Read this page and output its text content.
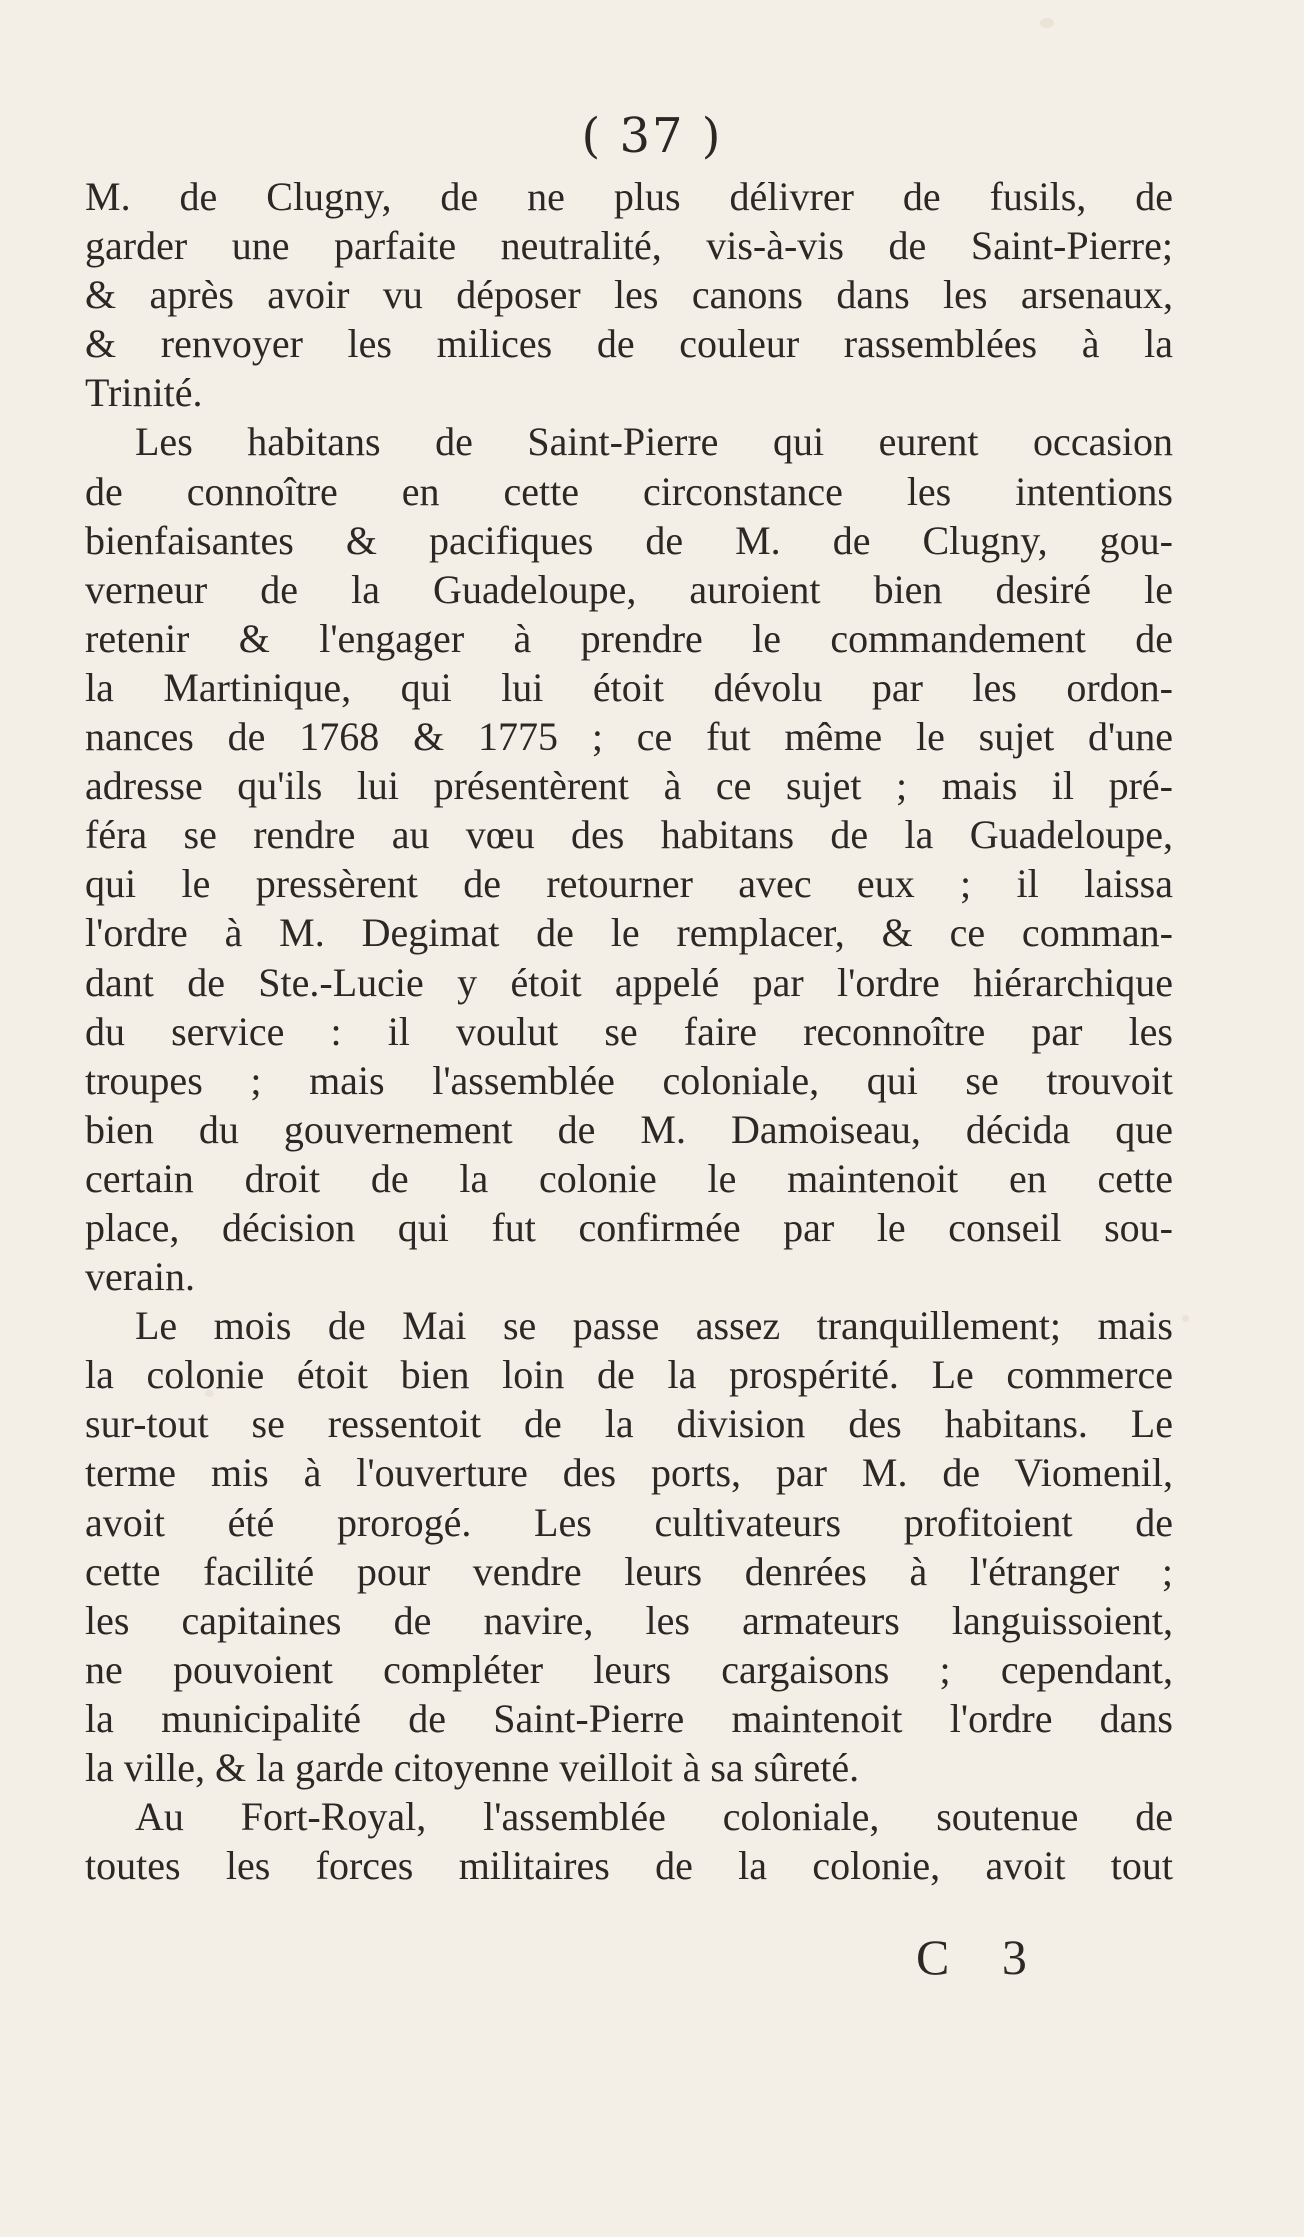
( 37 )
M. de Clugny, de ne plus délivrer de fusils, de
garder une parfaite neutralité, vis-à-vis de Saint-Pierre;
& après avoir vu déposer les canons dans les arsenaux,
& renvoyer les milices de couleur rassemblées à la
Trinité.
Les habitans de Saint-Pierre qui eurent occasion
de connoître en cette circonstance les intentions
bienfaisantes & pacifiques de M. de Clugny, gou-
verneur de la Guadeloupe, auroient bien desiré le
retenir & l'engager à prendre le commandement de
la Martinique, qui lui étoit dévolu par les ordon-
nances de 1768 & 1775 ; ce fut même le sujet d'une
adresse qu'ils lui présentèrent à ce sujet ; mais il pré-
féra se rendre au vœu des habitans de la Guadeloupe,
qui le pressèrent de retourner avec eux ; il laissa
l'ordre à M. Degimat de le remplacer, & ce comman-
dant de Ste.-Lucie y étoit appelé par l'ordre hiérarchique
du service : il voulut se faire reconnoître par les
troupes ; mais l'assemblée coloniale, qui se trouvoit
bien du gouvernement de M. Damoiseau, décida que
certain droit de la colonie le maintenoit en cette
place, décision qui fut confirmée par le conseil sou-
verain.
Le mois de Mai se passe assez tranquillement; mais
la colonie étoit bien loin de la prospérité. Le commerce
sur-tout se ressentoit de la division des habitans. Le
terme mis à l'ouverture des ports, par M. de Viomenil,
avoit été prorogé. Les cultivateurs profitoient de
cette facilité pour vendre leurs denrées à l'étranger ;
les capitaines de navire, les armateurs languissoient,
ne pouvoient compléter leurs cargaisons ; cependant,
la municipalité de Saint-Pierre maintenoit l'ordre dans
la ville, & la garde citoyenne veilloit à sa sûreté.
Au Fort-Royal, l'assemblée coloniale, soutenue de
toutes les forces militaires de la colonie, avoit tout
C 3
